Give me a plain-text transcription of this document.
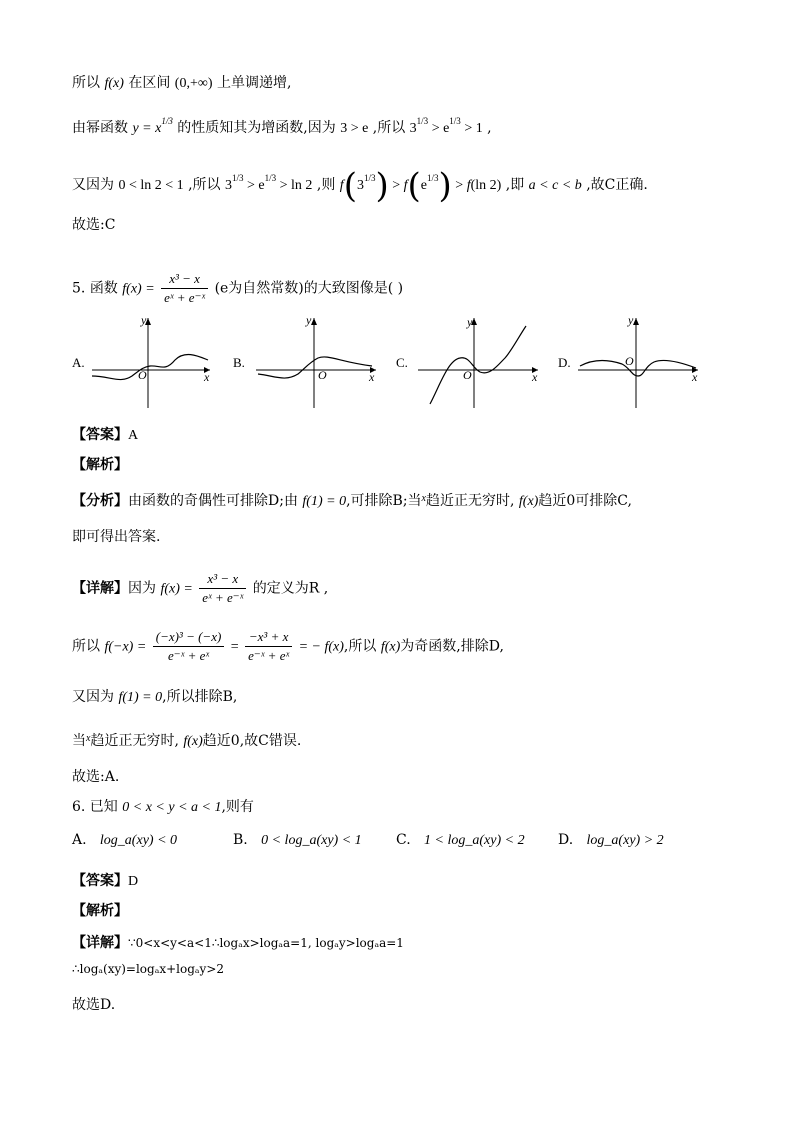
所以 f(x) 在区间 (0,+∞) 上单调递增,
由幂函数 $y = x^{1/3}$ 的性质知其为增函数,因为 3 > e ,所以 $3^{1/3} > e^{1/3} > 1$ ,
又因为 0 < ln 2 < 1 ,所以 $3^{1/3} > e^{1/3} > \ln 2$ ,则 $f(3^{1/3}) > f(e^{1/3}) > f(\ln$ 2) ,即 a < c < b ,故C正确.
故选:C
5. 函数 $f(x) = \frac{\text{x³ − x}}{\text{eˣ + e⁻ˣ}} (e$为自然常数)的大致图像是( )
A.
y
x
O
B.
y
x
O
C.
y
x
O
D.
y
x
O
【答案】A
【解析】
【分析】由函数的奇偶性可排除D;由 f(1) = 0,可排除B;当$^x$趋近正无穷时, f(x)趋近0可排除C,
即可得出答案.
【详解】因为 $f(x) = \frac{\text{x³ − x}}{\text{eˣ + e⁻ˣ}}$ 的定义为R ,
所以 $f(-x) = \frac{\text{(−x)³ − (−x)}}{\text{e⁻ˣ + eˣ}} = \frac{\text{−x³ + x}}{\text{e⁻ˣ + eˣ}}$ = − f(x),所以 f(x)为奇函数,排除D,
又因为 f(1) = 0,所以排除B,
当$^x$趋近正无穷时, f(x)趋近0,故C错误.
故选:A.
6. 已知 0 < x < y < a < 1,则有
A. log_a(xy) < 0	B. 0 < log_a(xy) < 1 C. 1 < log_a(xy) < 2 D. log_a(xy) > 2
【答案】D
【解析】
【详解】∵0<x<y<a<1∴logₐx>logₐa=1, logₐy>logₐa=1
∴logₐ(xy)=logₐx+logₐy>2
故选D.
